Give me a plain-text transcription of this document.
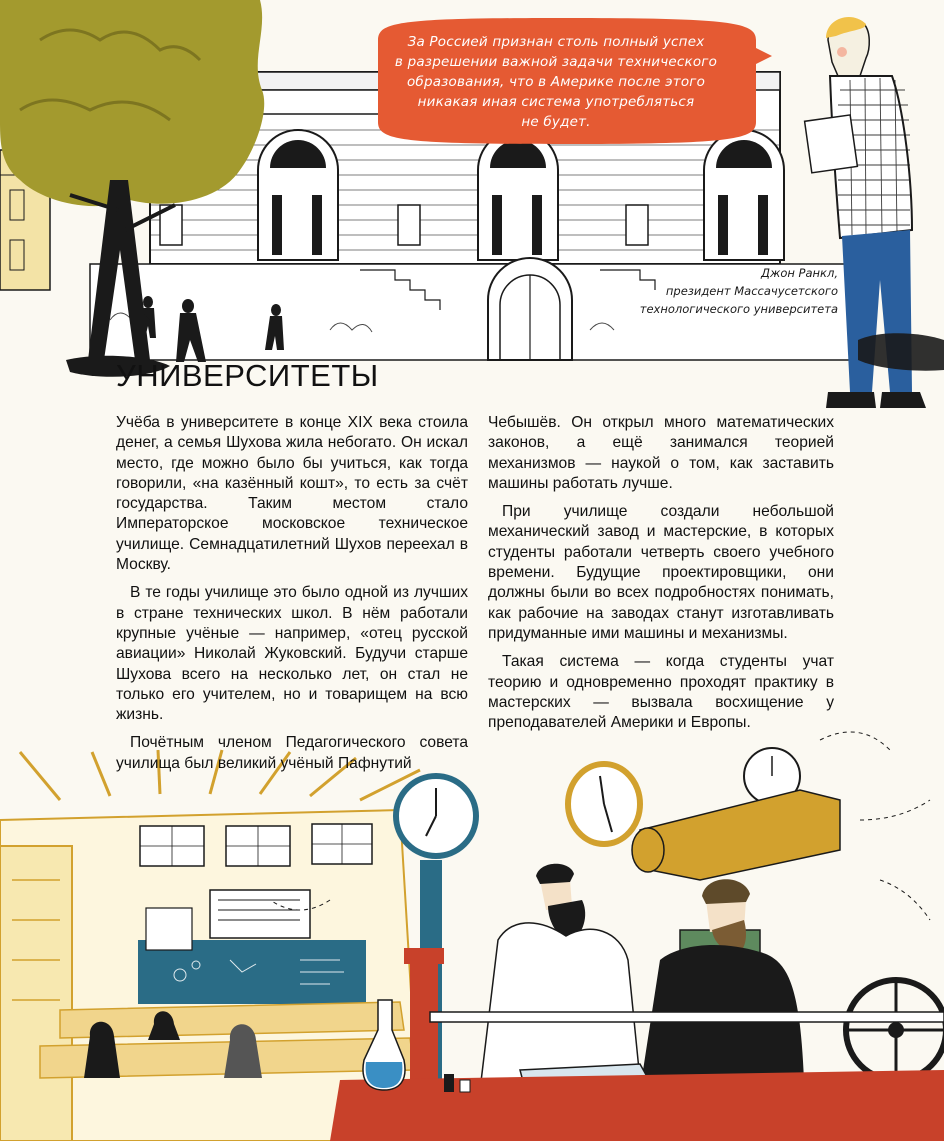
За Россией признан столь полный успех
в разрешении важной задачи технического
образования, что в Америке после этого
никакая иная система употребляться
не будет.
Джон Ранкл,
президент Массачусетского
технологического университета
УНИВЕРСИТЕТЫ

Учёба в университете в конце XIX века стоила денег, а семья Шухова жила небогато. Он искал место, где можно было бы учиться, как тогда говорили, «на казённый кошт», то есть за счёт государства. Таким местом стало Императорское московское техническое училище. Семнадцатилетний Шухов переехал в Москву.

В те годы училище это было одной из лучших в стране технических школ. В нём работали крупные учёные — например, «отец русской авиации» Николай Жуковский. Будучи старше Шухова всего на несколько лет, он стал не только его учителем, но и товарищем на всю жизнь.

Почётным членом Педагогического совета училища был великий учёный Пафнутий

Чебышёв. Он открыл много математических законов, а ещё занимался теорией механизмов — наукой о том, как заставить машины работать лучше.

При училище создали небольшой механический завод и мастерские, в которых студенты работали четверть своего учебного времени. Будущие проектировщики, они должны были во всех подробностях понимать, как рабочие на заводах станут изготавливать придуманные ими машины и механизмы.

Такая система — когда студенты учат теорию и одновременно проходят практику в мастерских — вызвала восхищение у преподавателей Америки и Европы.
